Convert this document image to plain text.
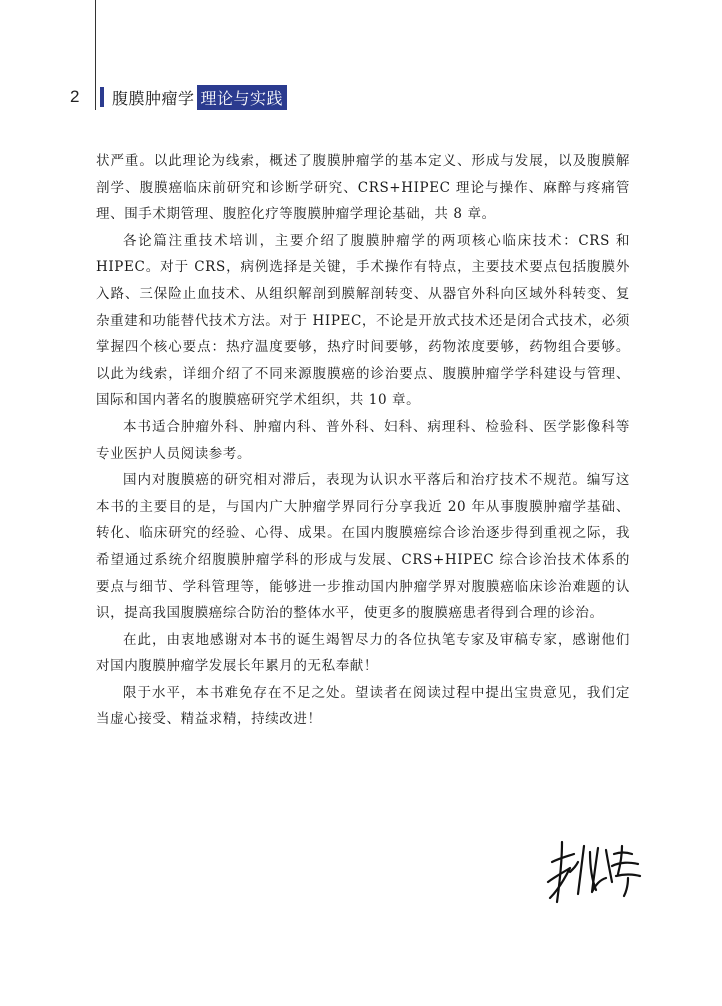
2	腹膜肿瘤学 理论与实践

状严重。以此理论为线索，概述了腹膜肿瘤学的基本定义、形成与发展，以及腹膜解剖学、腹膜癌临床前研究和诊断学研究、CRS+HIPEC 理论与操作、麻醉与疼痛管理、围手术期管理、腹腔化疗等腹膜肿瘤学理论基础，共 8 章。

各论篇注重技术培训，主要介绍了腹膜肿瘤学的两项核心临床技术：CRS 和 HIPEC。对于 CRS，病例选择是关键，手术操作有特点，主要技术要点包括腹膜外入路、三保险止血技术、从组织解剖到膜解剖转变、从器官外科向区域外科转变、复杂重建和功能替代技术方法。对于 HIPEC，不论是开放式技术还是闭合式技术，必须掌握四个核心要点：热疗温度要够，热疗时间要够，药物浓度要够，药物组合要够。以此为线索，详细介绍了不同来源腹膜癌的诊治要点、腹膜肿瘤学学科建设与管理、国际和国内著名的腹膜癌研究学术组织，共 10 章。

本书适合肿瘤外科、肿瘤内科、普外科、妇科、病理科、检验科、医学影像科等专业医护人员阅读参考。

国内对腹膜癌的研究相对滞后，表现为认识水平落后和治疗技术不规范。编写这本书的主要目的是，与国内广大肿瘤学界同行分享我近 20 年从事腹膜肿瘤学基础、转化、临床研究的经验、心得、成果。在国内腹膜癌综合诊治逐步得到重视之际，我希望通过系统介绍腹膜肿瘤学科的形成与发展、CRS+HIPEC 综合诊治技术体系的要点与细节、学科管理等，能够进一步推动国内肿瘤学界对腹膜癌临床诊治难题的认识，提高我国腹膜癌综合防治的整体水平，使更多的腹膜癌患者得到合理的诊治。

在此，由衷地感谢对本书的诞生竭智尽力的各位执笔专家及审稿专家，感谢他们对国内腹膜肿瘤学发展长年累月的无私奉献！

限于水平，本书难免存在不足之处。望读者在阅读过程中提出宝贵意见，我们定当虚心接受、精益求精，持续改进！
